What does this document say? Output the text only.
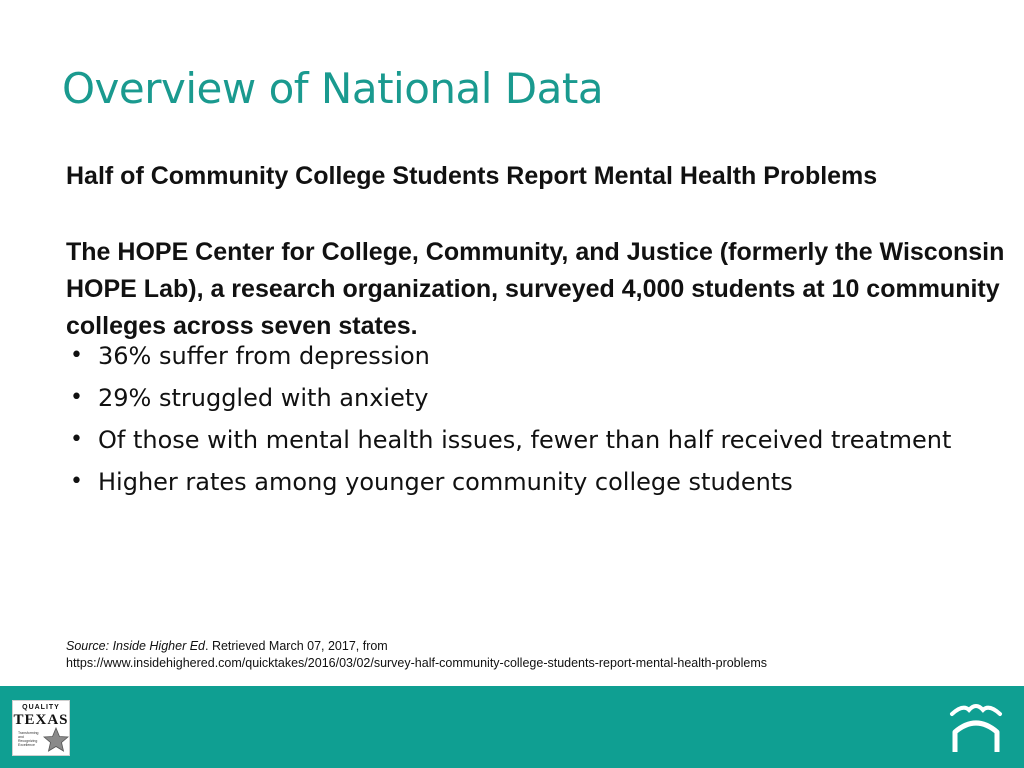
Overview of National Data

Half of Community College Students Report Mental Health Problems

The HOPE Center for College, Community, and Justice (formerly the Wisconsin HOPE Lab), a research organization, surveyed 4,000 students at 10 community colleges across seven states.

• 36% suffer from depression
• 29% struggled with anxiety
• Of those with mental health issues, fewer than half received treatment
• Higher rates among younger community college students
Source: Inside Higher Ed. Retrieved March 07, 2017, from
https://www.insidehighered.com/quicktakes/2016/03/02/survey-half-community-college-students-report-mental-health-problems
QUALITY
TEXAS
Transforming and Recognizing Excellence
